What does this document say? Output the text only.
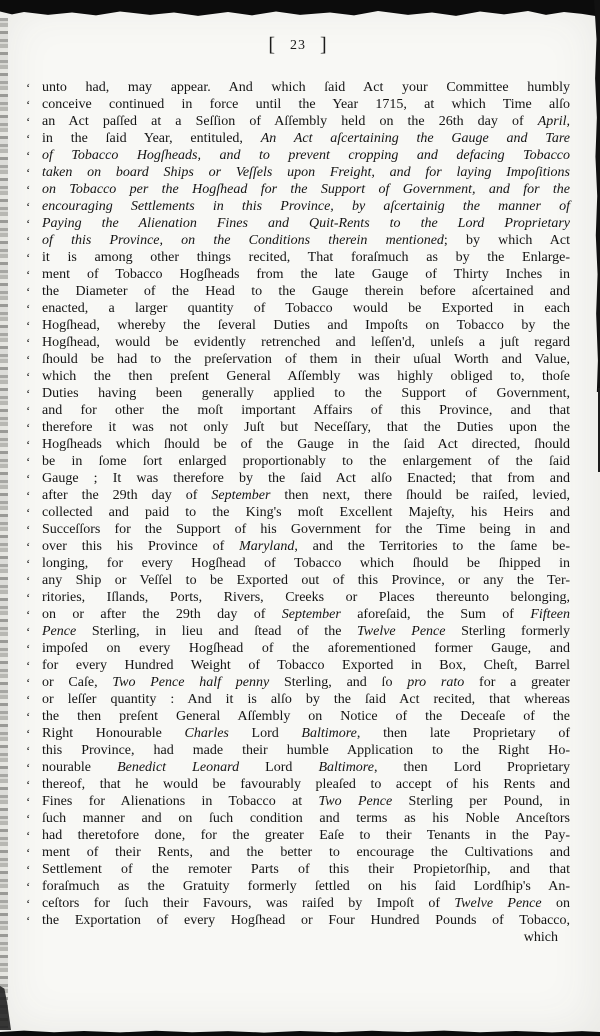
[ 23 ]
‘ unto had, may appear. And which ſaid Act your Committee humbly
‘ conceive continued in force until the Year 1715, at which Time alſo
‘ an Act paſſed at a Seſſion of Aſſembly held on the 26th day of April,
‘ in the ſaid Year, entituled, An Act aſcertaining the Gauge and Tare
‘ of Tobacco Hogſheads, and to prevent cropping and defacing Tobacco
‘ taken on board Ships or Veſſels upon Freight, and for laying Impoſitions
‘ on Tobacco per the Hogſhead for the Support of Government, and for the
‘ encouraging Settlements in this Province, by aſcertainig the manner of
‘ Paying the Alienation Fines and Quit-Rents to the Lord Proprietary
‘ of this Province, on the Conditions therein mentioned; by which Act
‘ it is among other things recited, That foraſmuch as by the Enlarge-
‘ ment of Tobacco Hogſheads from the late Gauge of Thirty Inches in
‘ the Diameter of the Head to the Gauge therein before aſcertained and
‘ enacted, a larger quantity of Tobacco would be Exported in each
‘ Hogſhead, whereby the ſeveral Duties and Impoſts on Tobacco by the
‘ Hogſhead, would be evidently retrenched and leſſen'd, unleſs a juſt regard
‘ ſhould be had to the preſervation of them in their uſual Worth and Value,
‘ which the then preſent General Aſſembly was highly obliged to, thoſe
‘ Duties having been generally applied to the Support of Government,
‘ and for other the moſt important Affairs of this Province, and that
‘ therefore it was not only Juſt but Neceſſary, that the Duties upon the
‘ Hogſheads which ſhould be of the Gauge in the ſaid Act directed, ſhould
‘ be in ſome ſort enlarged proportionably to the enlargement of the ſaid
‘ Gauge ; It was therefore by the ſaid Act alſo Enacted; that from and
‘ after the 29th day of September then next, there ſhould be raiſed, levied,
‘ collected and paid to the King's moſt Excellent Majeſty, his Heirs and
‘ Succeſſors for the Support of his Government for the Time being in and
‘ over this his Province of Maryland, and the Territories to the ſame be-
‘ longing, for every Hogſhead of Tobacco which ſhould be ſhipped in
‘ any Ship or Veſſel to be Exported out of this Province, or any the Ter-
‘ ritories, Iſlands, Ports, Rivers, Creeks or Places thereunto belonging,
‘ on or after the 29th day of September aforeſaid, the Sum of Fifteen
‘ Pence Sterling, in lieu and ſtead of the Twelve Pence Sterling formerly
‘ impoſed on every Hogſhead of the aforementioned former Gauge, and
‘ for every Hundred Weight of Tobacco Exported in Box, Cheſt, Barrel
‘ or Caſe, Two Pence half penny Sterling, and ſo pro rato for a greater
‘ or leſſer quantity : And it is alſo by the ſaid Act recited, that whereas
‘ the then preſent General Aſſembly on Notice of the Deceaſe of the
‘ Right Honourable Charles Lord Baltimore, then late Proprietary of
‘ this Province, had made their humble Application to the Right Ho-
‘ nourable Benedict Leonard Lord Baltimore, then Lord Proprietary
‘ thereof, that he would be favourably pleaſed to accept of his Rents and
‘ Fines for Alienations in Tobacco at Two Pence Sterling per Pound, in
‘ ſuch manner and on ſuch condition and terms as his Noble Anceſtors
‘ had theretofore done, for the greater Eaſe to their Tenants in the Pay-
‘ ment of their Rents, and the better to encourage the Cultivations and
‘ Settlement of the remoter Parts of this their Propietorſhip, and that
‘ foraſmuch as the Gratuity formerly ſettled on his ſaid Lordſhip's An-
‘ ceſtors for ſuch their Favours, was raiſed by Impoſt of Twelve Pence on
‘ the Exportation of every Hogſhead or Four Hundred Pounds of Tobacco,
which
